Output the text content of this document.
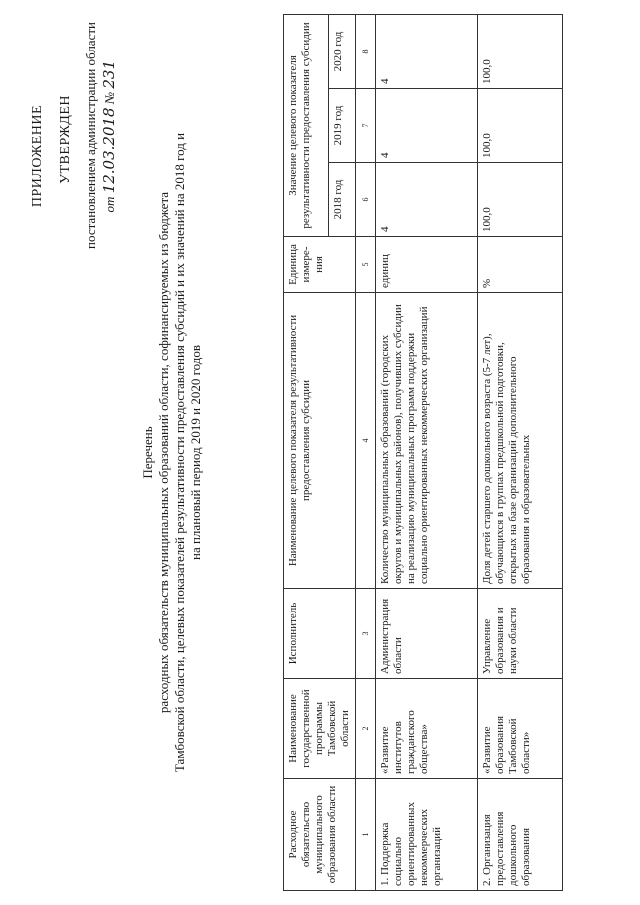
ПРИЛОЖЕНИЕ УТВЕРЖДЕН постановлением администрации области от 12.03.2018 № 231
Перечень расходных обязательств муниципальных образований области, софинансируемых из бюджета Тамбовской области, целевых показателей результативности предоставления субсидий и их значений на 2018 год и на плановый период 2019 и 2020 годов
Расходное обязательство муниципального образования области	Наименование государственной программы Тамбовской области	Исполнитель	Наименование целевого показателя результативности предоставления субсидии	Единица измере-ния	Значение целевого показателя результативности предоставления субсидии		
					2018 год	2019 год	2020 год
1	2	3	4	5	6	7	8
1. Поддержка социально ориентированных некоммерческих организаций	«Развитие институтов гражданского общества»	Администрация области	Количество муниципальных образований (городских округов и муниципальных районов), получивших субсидии на реализацию муниципальных программ поддержки социально ориентированных некоммерческих организаций	единиц	4	4	4
2. Организация предоставления дошкольного образования	«Развитие образования Тамбовской области»	Управление образования и науки области	Доля детей старшего дошкольного возраста (5-7 лет), обучающихся в группах предшкольной подготовки, открытых на базе организаций дополнительного образования и образовательных	%	100,0	100,0	100,0
